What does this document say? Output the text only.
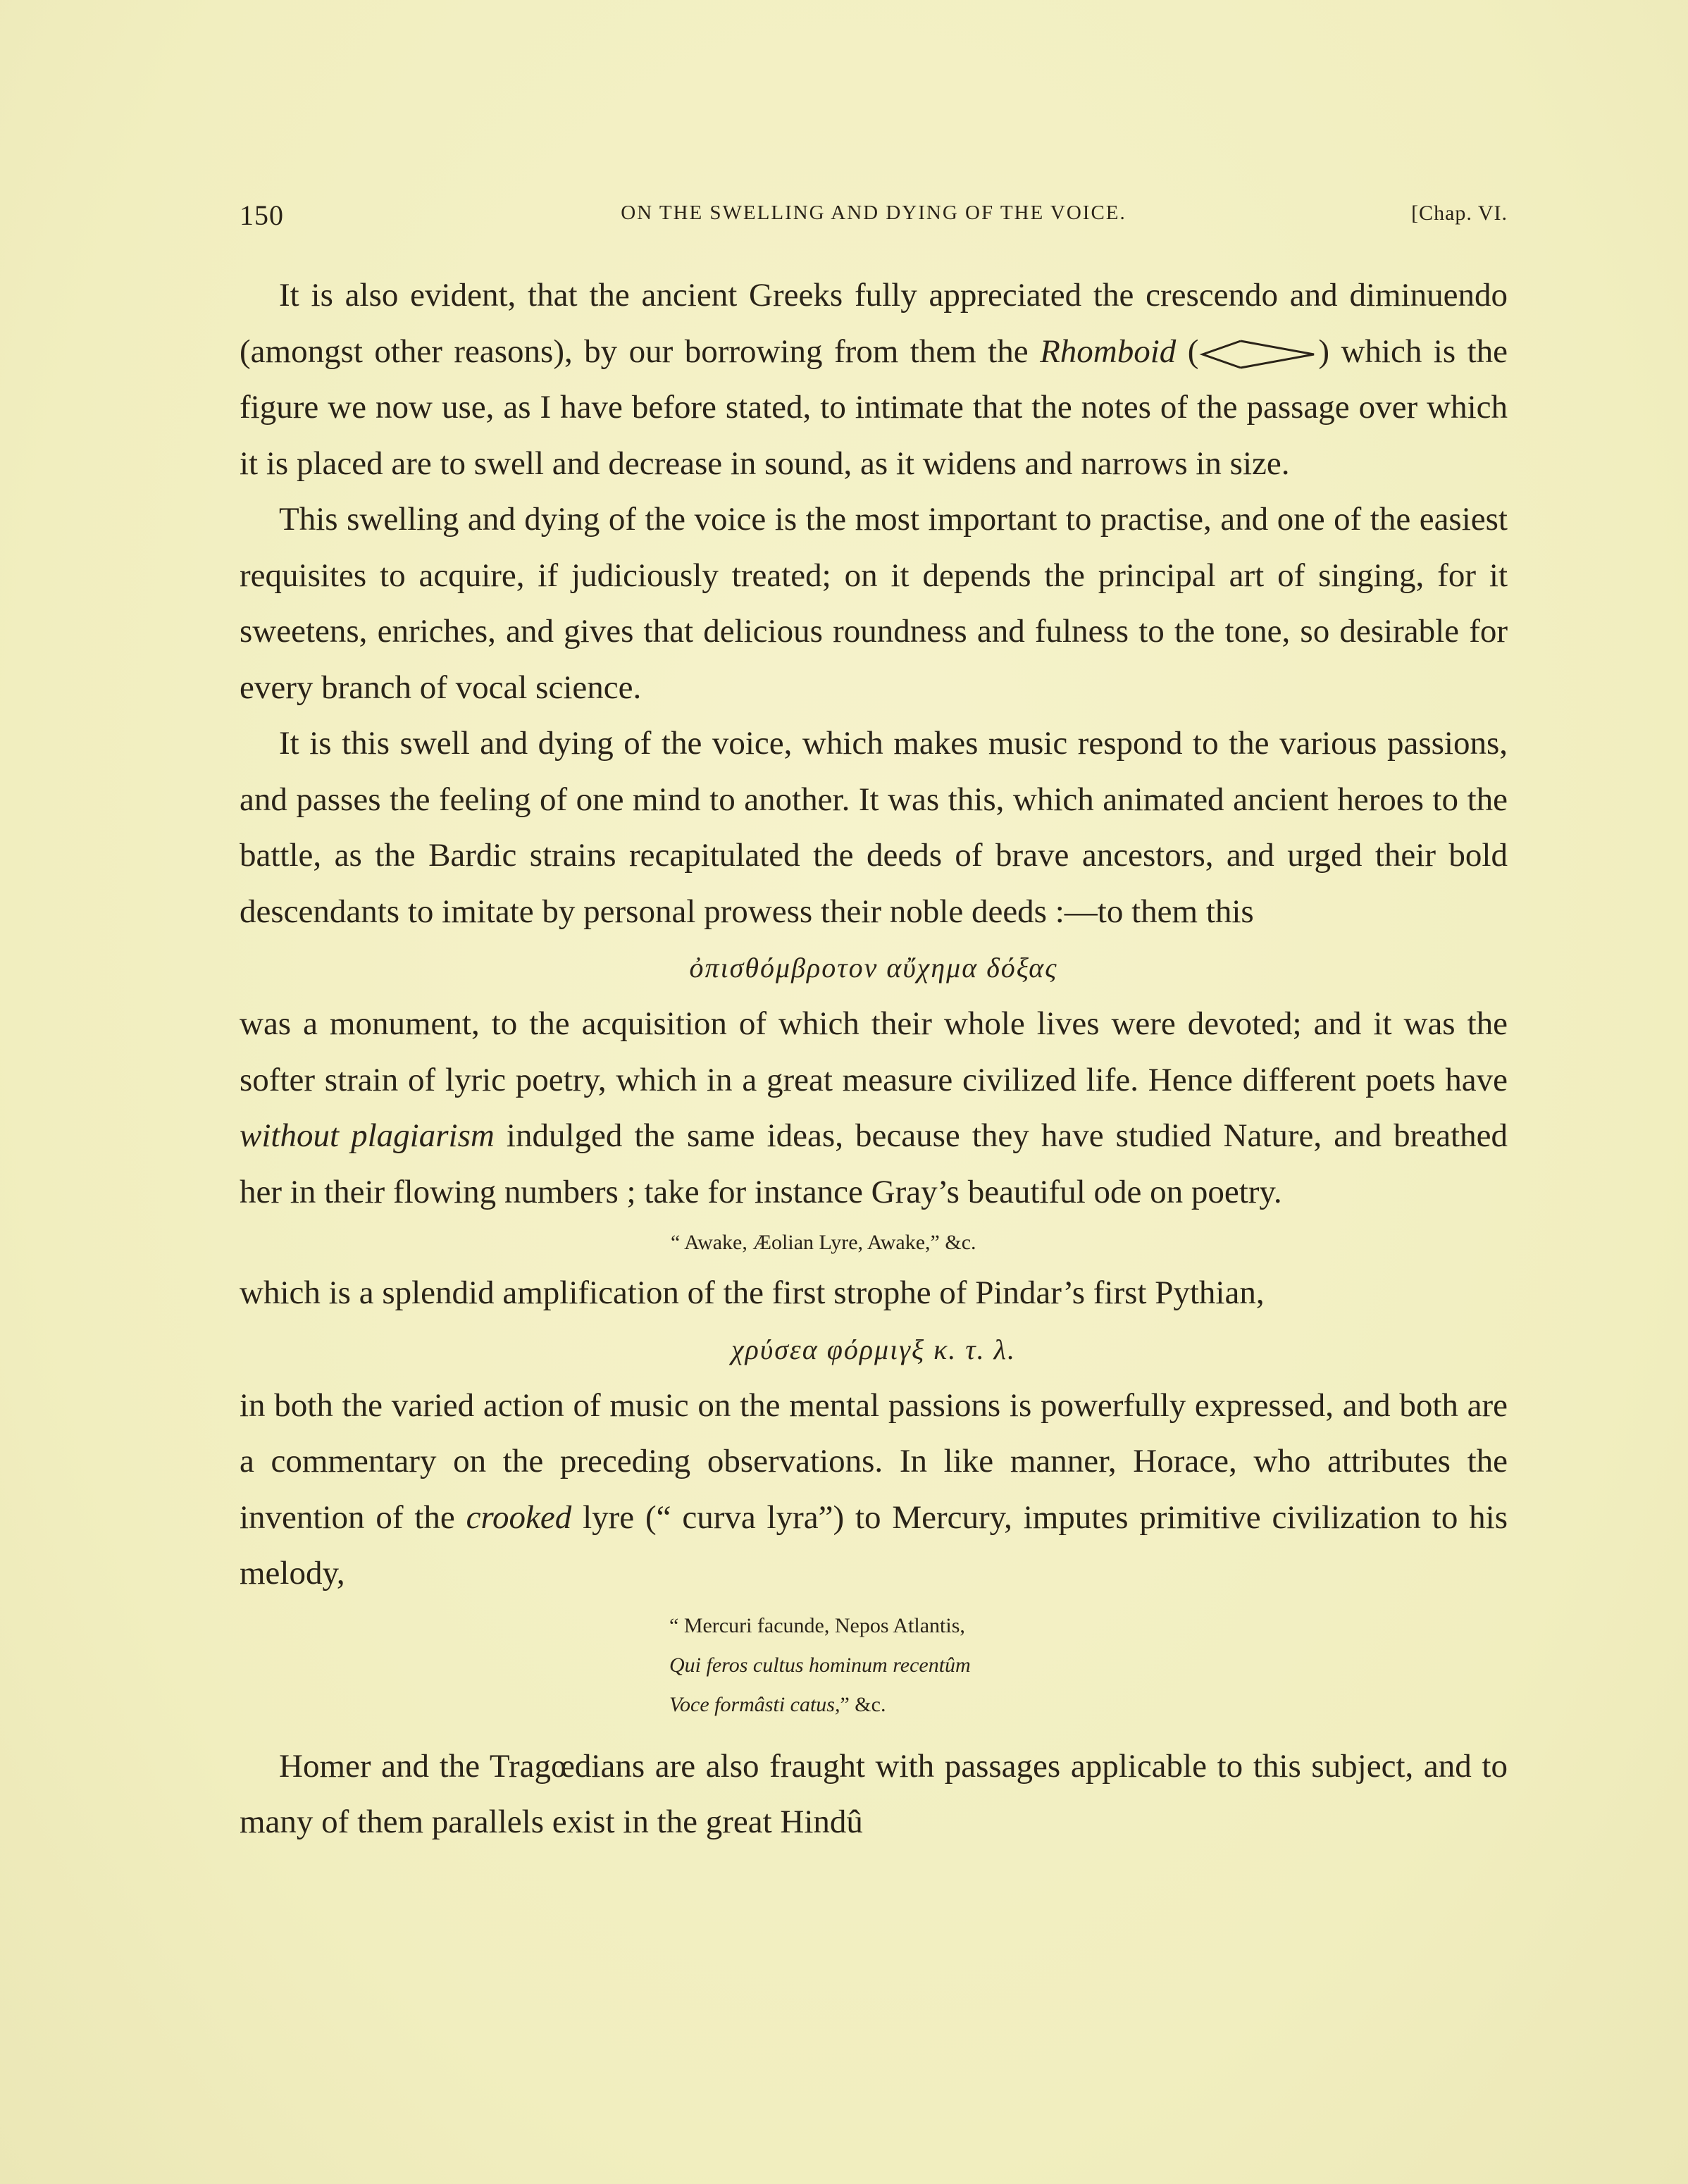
150	ON THE SWELLING AND DYING OF THE VOICE.	[Chap. VI.

It is also evident, that the ancient Greeks fully appreciated the crescendo and diminuendo (amongst other reasons), by our borrowing from them the Rhomboid (	) which is the figure we now use, as I have before stated, to intimate that the notes of the passage over which it is placed are to swell and decrease in sound, as it widens and narrows in size.

This swelling and dying of the voice is the most important to practise, and one of the easiest requisites to acquire, if judiciously treated; on it depends the principal art of singing, for it sweetens, enriches, and gives that delicious roundness and fulness to the tone, so desirable for every branch of vocal science.

It is this swell and dying of the voice, which makes music respond to the various passions, and passes the feeling of one mind to another. It was this, which animated ancient heroes to the battle, as the Bardic strains recapitulated the deeds of brave ancestors, and urged their bold descendants to imitate by personal prowess their noble deeds :—to them this

ὀπισθόμβροτον αὔχημα δόξας

was a monument, to the acquisition of which their whole lives were devoted; and it was the softer strain of lyric poetry, which in a great measure civilized life. Hence different poets have without plagiarism indulged the same ideas, because they have studied Nature, and breathed her in their flowing numbers ; take for instance Gray’s beautiful ode on poetry.

“ Awake, Æolian Lyre, Awake,” &c.

which is a splendid amplification of the first strophe of Pindar’s first Pythian,

χρύσεα φόρμιγξ κ. τ. λ.

in both the varied action of music on the mental passions is powerfully expressed, and both are a commentary on the preceding observations. In like manner, Horace, who attributes the invention of the crooked lyre (“ curva lyra”) to Mercury, imputes primitive civilization to his melody,

“ Mercuri facunde, Nepos Atlantis,
Qui feros cultus hominum recentûm
Voce formâsti catus,” &c.

Homer and the Tragœdians are also fraught with passages applicable to this subject, and to many of them parallels exist in the great Hindû
